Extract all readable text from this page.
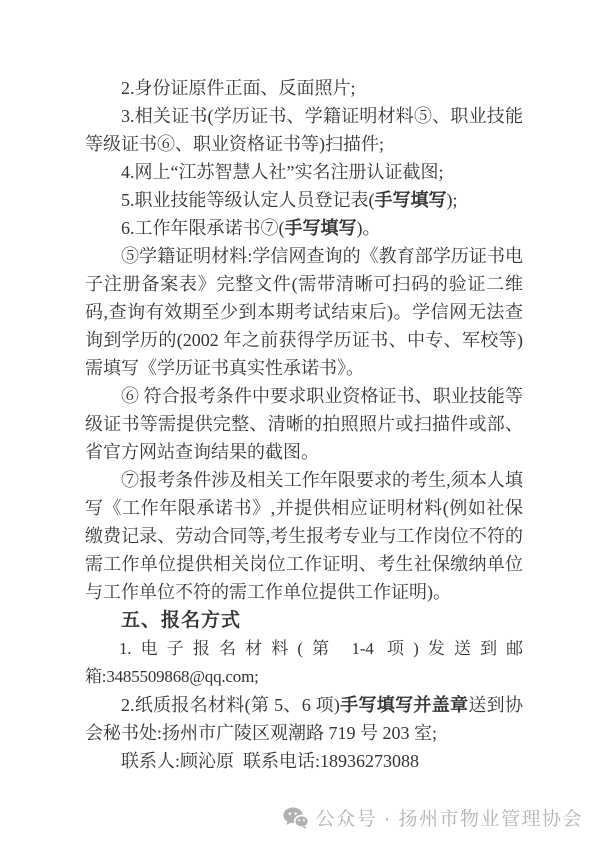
2.身份证原件正面、反面照片;

3.相关证书(学历证书、学籍证明材料⑤、职业技能等级证书⑥、职业资格证书等)扫描件;

4.网上“江苏智慧人社”实名注册认证截图;

5.职业技能等级认定人员登记表(手写填写);

6.工作年限承诺书⑦(手写填写)。

⑤学籍证明材料:学信网查询的《教育部学历证书电子注册备案表》完整文件(需带清晰可扫码的验证二维码,查询有效期至少到本期考试结束后)。学信网无法查询到学历的(2002 年之前获得学历证书、中专、军校等)需填写《学历证书真实性承诺书》。

⑥ 符合报考条件中要求职业资格证书、职业技能等级证书等需提供完整、清晰的拍照照片或扫描件或部、省官方网站查询结果的截图。

⑦报考条件涉及相关工作年限要求的考生,须本人填写《工作年限承诺书》,并提供相应证明材料(例如社保缴费记录、劳动合同等,考生报考专业与工作岗位不符的需工作单位提供相关岗位工作证明、考生社保缴纳单位与工作单位不符的需工作单位提供工作证明)。

五、报名方式

1.电子报名材料(第 1-4 项)发送到邮箱:3485509868@qq.com;

2.纸质报名材料(第 5、6 项)手写填写并盖章送到协会秘书处:扬州市广陵区观潮路 719 号 203 室;

联系人:顾沁原  联系电话:18936273088

公众号 · 扬州市物业管理协会
